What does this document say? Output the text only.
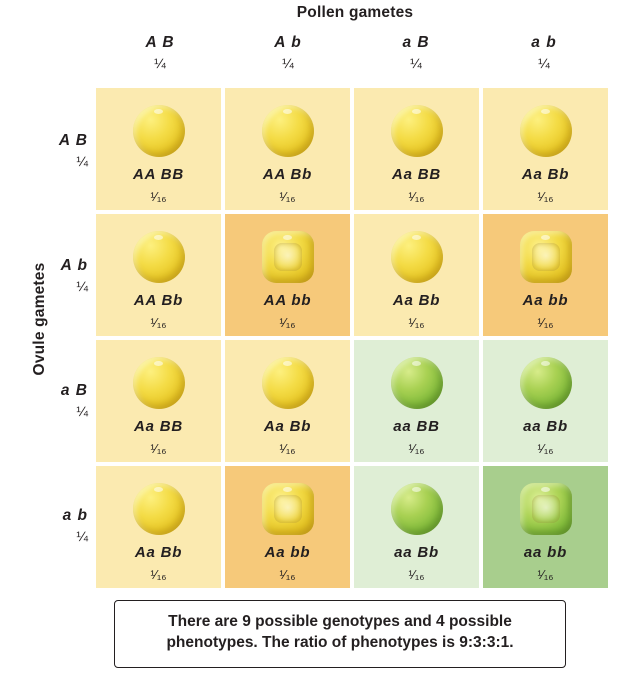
Pollen gametes
A B
¼
A b
¼
a B
¼
a b
¼
Ovule gametes
A B
¼
A b
¼
a B
¼
a b
¼
AA BB
¹⁄₁₆
AA Bb
¹⁄₁₆
Aa BB
¹⁄₁₆
Aa Bb
¹⁄₁₆
AA Bb
¹⁄₁₆
AA bb
¹⁄₁₆
Aa Bb
¹⁄₁₆
Aa bb
¹⁄₁₆
Aa BB
¹⁄₁₆
Aa Bb
¹⁄₁₆
aa BB
¹⁄₁₆
aa Bb
¹⁄₁₆
Aa Bb
¹⁄₁₆
Aa bb
¹⁄₁₆
aa Bb
¹⁄₁₆
aa bb
¹⁄₁₆
There are 9 possible genotypes and 4 possible phenotypes. The ratio of phenotypes is 9:3:3:1.
